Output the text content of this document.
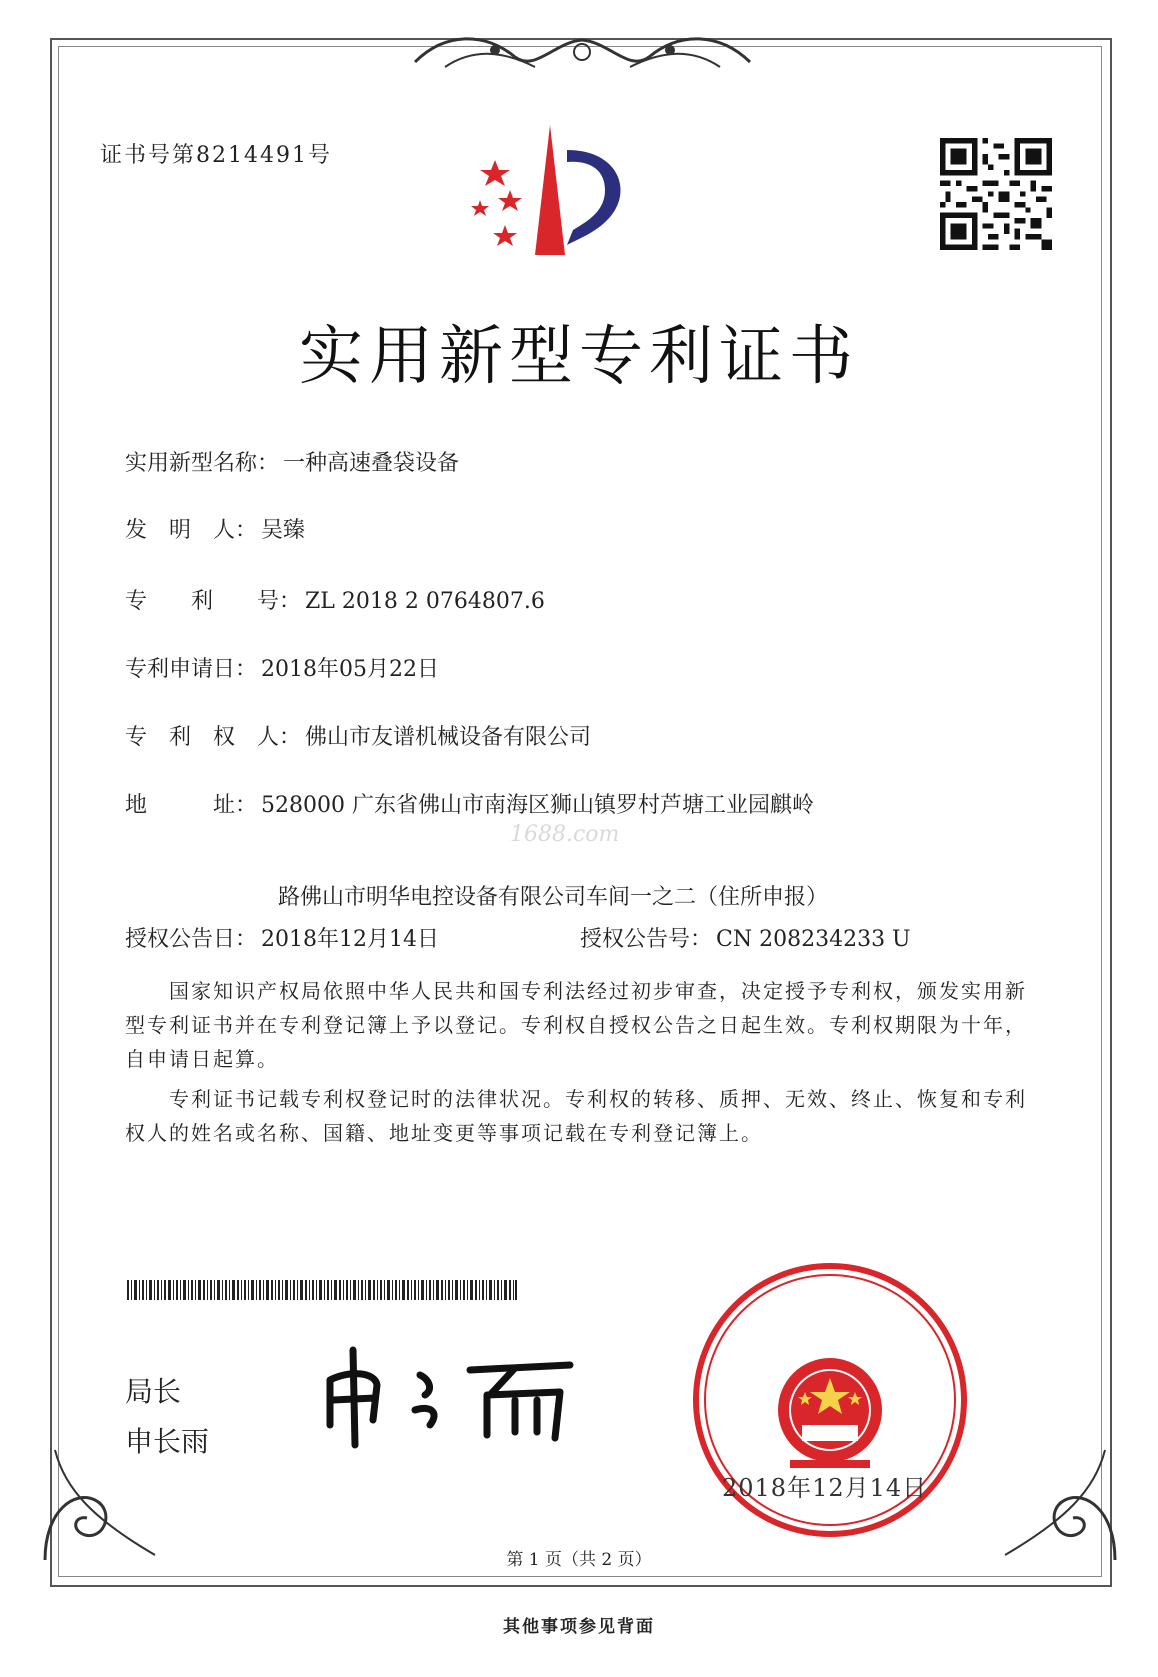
证书号第8214491号
实用新型专利证书
实用新型名称： 一种高速叠袋设备
发　明　人： 吴臻
专　　利　　号： ZL 2018 2 0764807.6
专利申请日： 2018年05月22日
专　利　权　人： 佛山市友谱机械设备有限公司
地　　　址： 528000 广东省佛山市南海区狮山镇罗村芦塘工业园麒岭
路佛山市明华电控设备有限公司车间一之二（住所申报）
授权公告日： 2018年12月14日	授权公告号： CN 208234233 U
1688.com
国家知识产权局依照中华人民共和国专利法经过初步审查，决定授予专利权，颁发实用新型专利证书并在专利登记簿上予以登记。专利权自授权公告之日起生效。专利权期限为十年，自申请日起算。
专利证书记载专利权登记时的法律状况。专利权的转移、质押、无效、终止、恢复和专利权人的姓名或名称、国籍、地址变更等事项记载在专利登记簿上。
局长
申长雨
2018年12月14日
第 1 页（共 2 页）
其他事项参见背面
